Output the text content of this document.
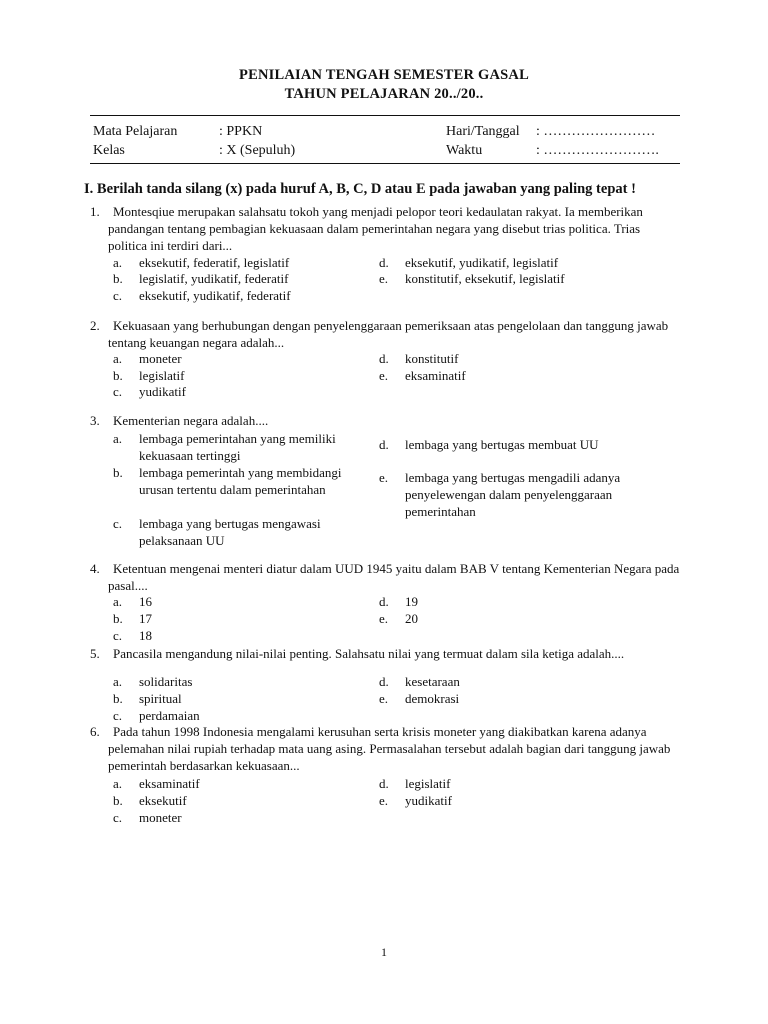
PENILAIAN TENGAH SEMESTER GASAL
TAHUN PELAJARAN 20../20..
Mata Pelajaran	: PPKN	Hari/Tanggal : ……………………
Kelas	: X (Sepuluh)	Waktu	: …………………….
I. Berilah tanda silang (x) pada huruf A, B, C, D atau E pada jawaban yang paling tepat !
1. Montesqiue merupakan salahsatu tokoh yang menjadi pelopor teori kedaulatan rakyat. Ia memberikan
pandangan tentang pembagian kekuasaan dalam pemerintahan negara yang disebut trias politica. Trias
politica ini terdiri dari...
a. eksekutif, federatif, legislatif
b. legislatif, yudikatif, federatif
c. eksekutif, yudikatif, federatif
d. eksekutif, yudikatif, legislatif
e. konstitutif, eksekutif, legislatif
2. Kekuasaan yang berhubungan dengan penyelenggaraan pemeriksaan atas pengelolaan dan tanggung jawab
tentang keuangan negara adalah...
a. moneter
b. legislatif
c. yudikatif
d. konstitutif
e. eksaminatif
3. Kementerian negara adalah....
a. lembaga pemerintahan yang memiliki kekuasaan tertinggi
b. lembaga pemerintah yang membidangi urusan tertentu dalam pemerintahan
c. lembaga yang bertugas mengawasi pelaksanaan UU
d. lembaga yang bertugas membuat UU
e. lembaga yang bertugas mengadili adanya penyelewengan dalam penyelenggaraan pemerintahan
4. Ketentuan mengenai menteri diatur dalam UUD 1945 yaitu dalam BAB V tentang Kementerian Negara pada
pasal....
a. 16
b. 17
c. 18
d. 19
e. 20
5. Pancasila mengandung nilai-nilai penting. Salahsatu nilai yang termuat dalam sila ketiga adalah....
a. solidaritas
b. spiritual
c. perdamaian
d. kesetaraan
e. demokrasi
6. Pada tahun 1998 Indonesia mengalami kerusuhan serta krisis moneter yang diakibatkan karena adanya
pelemahan nilai rupiah terhadap mata uang asing. Permasalahan tersebut adalah bagian dari tanggung jawab
pemerintah berdasarkan kekuasaan...
a. eksaminatif
b. eksekutif
c. moneter
d. legislatif
e. yudikatif
1
